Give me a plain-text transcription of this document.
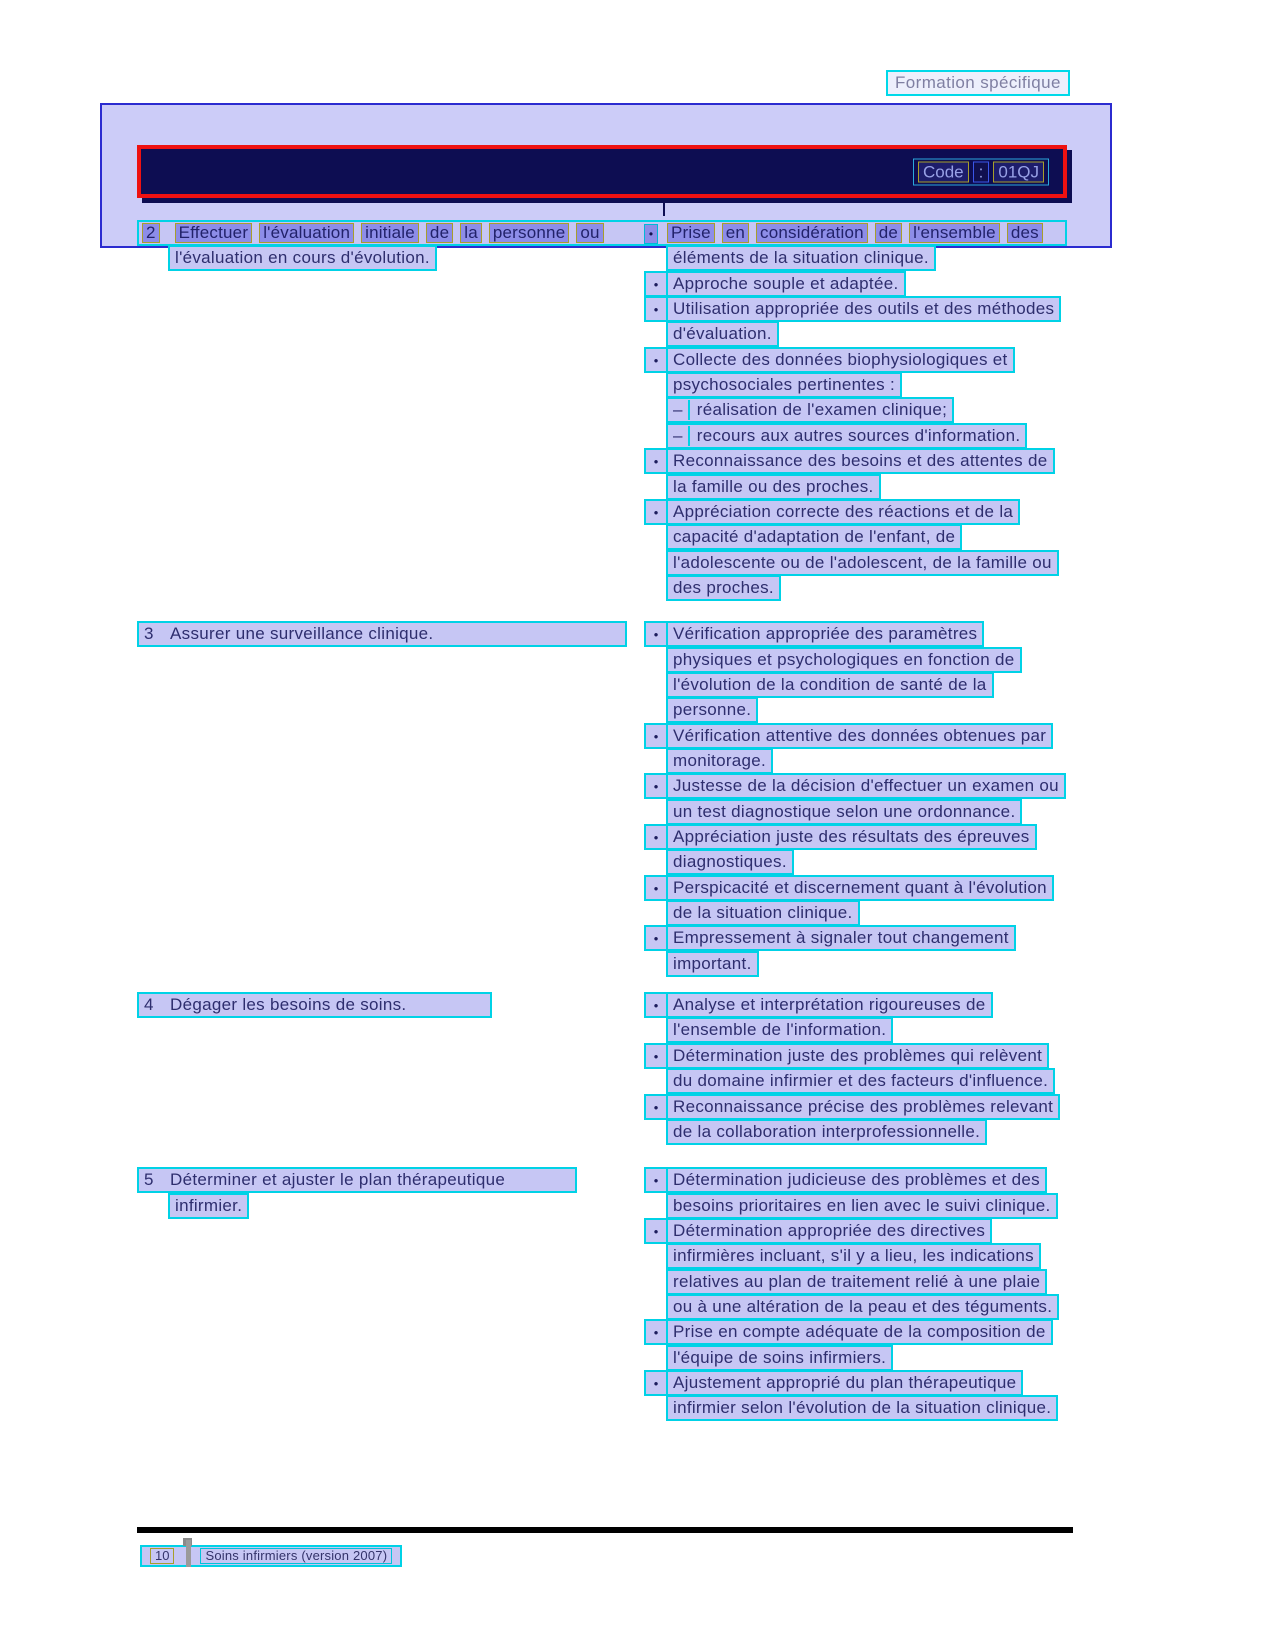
Formation spécifique
Code : 01QJ
2 Effectuer l'évaluation initiale de la personne ou	• Prise en considération de l'ensemble des
l'évaluation en cours d'évolution.	éléments de la situation clinique.
• Approche souple et adaptée.
• Utilisation appropriée des outils et des méthodes
d'évaluation.
• Collecte des données biophysiologiques et
psychosociales pertinentes :
– réalisation de l'examen clinique;
– recours aux autres sources d'information.
• Reconnaissance des besoins et des attentes de
la famille ou des proches.
• Appréciation correcte des réactions et de la
capacité d'adaptation de l'enfant, de
l'adolescente ou de l'adolescent, de la famille ou
des proches.
3 Assurer une surveillance clinique.	• Vérification appropriée des paramètres
physiques et psychologiques en fonction de
l'évolution de la condition de santé de la
personne.
• Vérification attentive des données obtenues par
monitorage.
• Justesse de la décision d'effectuer un examen ou
un test diagnostique selon une ordonnance.
• Appréciation juste des résultats des épreuves
diagnostiques.
• Perspicacité et discernement quant à l'évolution
de la situation clinique.
• Empressement à signaler tout changement
important.
4 Dégager les besoins de soins.	• Analyse et interprétation rigoureuses de
l'ensemble de l'information.
• Détermination juste des problèmes qui relèvent
du domaine infirmier et des facteurs d'influence.
• Reconnaissance précise des problèmes relevant
de la collaboration interprofessionnelle.
5 Déterminer et ajuster le plan thérapeutique
infirmier.
• Détermination judicieuse des problèmes et des
besoins prioritaires en lien avec le suivi clinique.
• Détermination appropriée des directives
infirmières incluant, s'il y a lieu, les indications
relatives au plan de traitement relié à une plaie
ou à une altération de la peau et des téguments.
• Prise en compte adéquate de la composition de
l'équipe de soins infirmiers.
• Ajustement approprié du plan thérapeutique
infirmier selon l'évolution de la situation clinique.
10	Soins infirmiers (version 2007)
